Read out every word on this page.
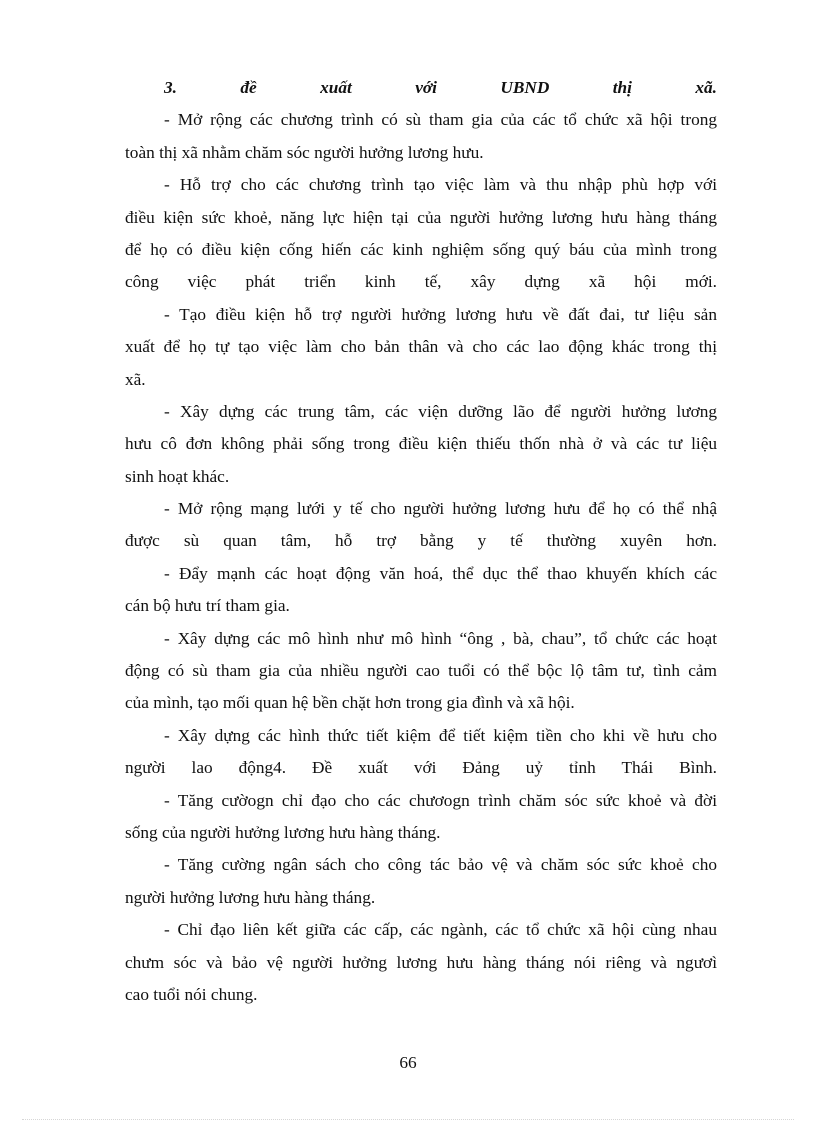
3. đề xuất với UBND thị xã.
- Mở rộng các chương trình có sù tham gia của các tổ chức xã hội trong
toàn thị xã nhằm chăm sóc người hưởng lương hưu.
- Hỗ trợ cho các chương trình tạo việc làm và thu nhập phù hợp với
điều kiện sức khoẻ, năng lực hiện tại của người hưởng lương hưu hàng tháng
để họ có điều kiện cống hiến các kinh nghiệm sống quý báu của mình trong
công việc phát triển kinh tế, xây dựng xã hội mới.
- Tạo điều kiện hỗ trợ người hưởng lương hưu về đất đai, tư liệu sản
xuất để họ tự tạo việc làm cho bản thân và cho các lao động khác trong thị
xã.
- Xây dựng các trung tâm, các viện dưỡng lão để người hưởng lương
hưu cô đơn không phải sống trong điều kiện thiếu thốn nhà ở và các tư liệu
sinh hoạt khác.
- Mở rộng mạng lưới y tế cho người hưởng lương hưu để họ có thể nhậ
được sù quan tâm, hỗ trợ bằng y tế thường xuyên hơn.
- Đẩy mạnh các hoạt động văn hoá, thể dục thể thao khuyến khích các
cán bộ hưu trí tham gia.
- Xây dựng các mô hình như mô hình “ông , bà, chau”, tổ chức các hoạt
động có sù tham gia của nhiều người cao tuổi có thể bộc lộ tâm tư, tình cảm
của mình, tạo mối quan hệ bền chặt hơn trong gia đình và xã hội.
- Xây dựng các hình thức tiết kiệm để tiết kiệm tiền cho khi về hưu cho
người lao động4. Đề xuất với Đảng uỷ tỉnh Thái Bình.
- Tăng cườogn chỉ đạo cho các chươogn trình chăm sóc sức khoẻ và đời
sống của người hưởng lương hưu hàng tháng.
- Tăng cường ngân sách cho công tác bảo vệ và chăm sóc sức khoẻ cho
người hưởng lương hưu hàng tháng.
- Chỉ đạo liên kết giữa các cấp, các ngành, các tổ chức xã hội cùng nhau
chưm sóc và bảo vệ người hưởng lương hưu hàng tháng nói riêng và ngươì
cao tuổi nói chung.
66
